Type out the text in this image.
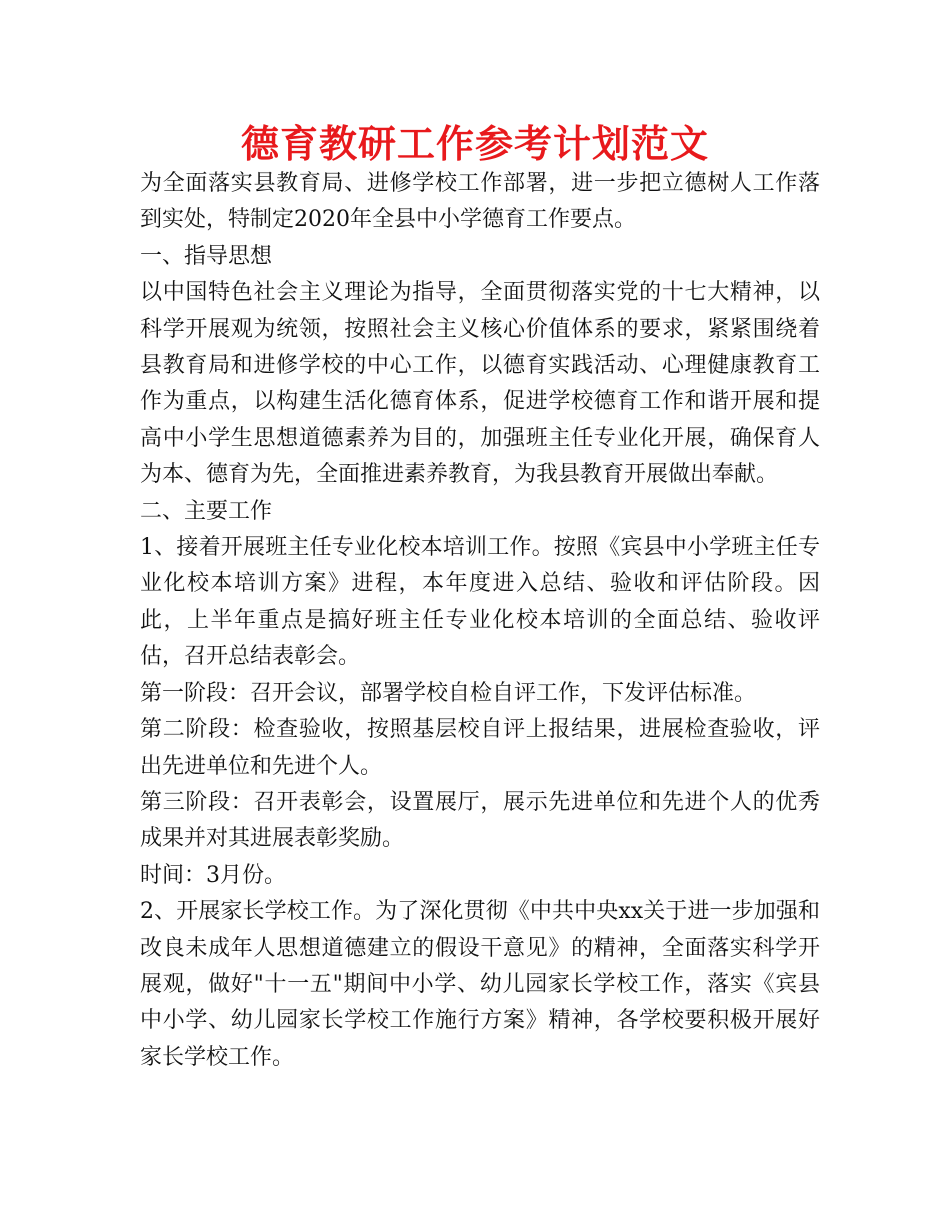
德育教研工作参考计划范文

为全面落实县教育局、进修学校工作部署，进一步把立德树人工作落到实处，特制定2020年全县中小学德育工作要点。

一、指导思想

以中国特色社会主义理论为指导，全面贯彻落实党的十七大精神，以科学开展观为统领，按照社会主义核心价值体系的要求，紧紧围绕着县教育局和进修学校的中心工作，以德育实践活动、心理健康教育工作为重点，以构建生活化德育体系，促进学校德育工作和谐开展和提高中小学生思想道德素养为目的，加强班主任专业化开展，确保育人为本、德育为先，全面推进素养教育，为我县教育开展做出奉献。

二、主要工作

1、接着开展班主任专业化校本培训工作。按照《宾县中小学班主任专业化校本培训方案》进程，本年度进入总结、验收和评估阶段。因此，上半年重点是搞好班主任专业化校本培训的全面总结、验收评估，召开总结表彰会。

第一阶段：召开会议，部署学校自检自评工作，下发评估标准。

第二阶段：检查验收，按照基层校自评上报结果，进展检查验收，评出先进单位和先进个人。

第三阶段：召开表彰会，设置展厅，展示先进单位和先进个人的优秀成果并对其进展表彰奖励。

时间：3月份。

2、开展家长学校工作。为了深化贯彻《中共中央xx关于进一步加强和改良未成年人思想道德建立的假设干意见》的精神，全面落实科学开展观，做好"十一五"期间中小学、幼儿园家长学校工作，落实《宾县中小学、幼儿园家长学校工作施行方案》精神，各学校要积极开展好家长学校工作。
